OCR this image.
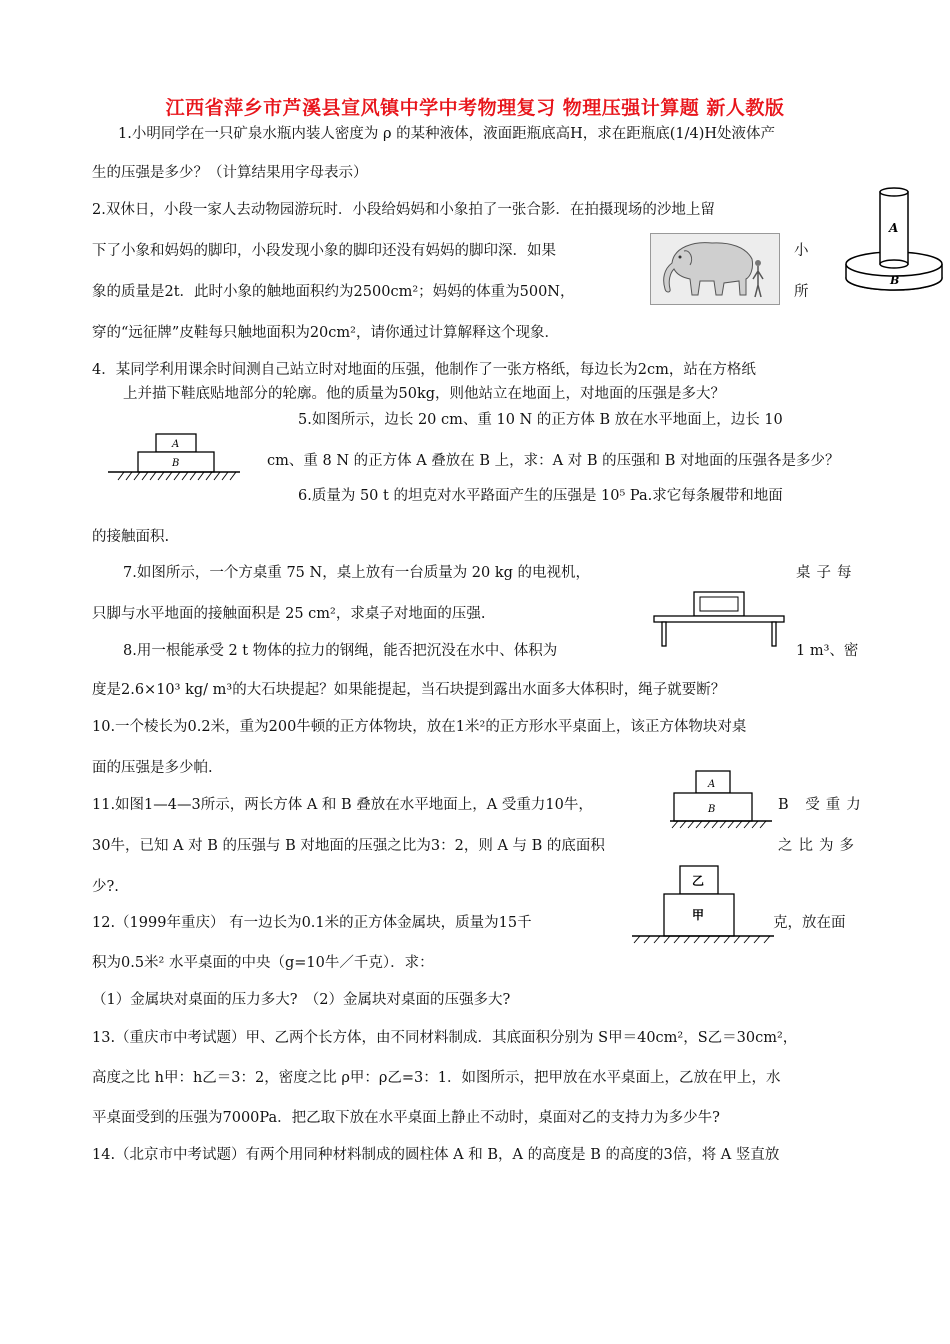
江西省萍乡市芦溪县宣风镇中学中考物理复习 物理压强计算题 新人教版
1.小明同学在一只矿泉水瓶内装人密度为 ρ 的某种液体，液面距瓶底高H，求在距瓶底(1/4)H处液体产
生的压强是多少？（计算结果用字母表示）
2.双休日，小段一家人去动物园游玩时．小段给妈妈和小象拍了一张合影．在拍摄现场的沙地上留
下了小象和妈妈的脚印，小段发现小象的脚印还没有妈妈的脚印深．如果	小
象的质量是2t．此时小象的触地面积约为2500cm²；妈妈的体重为500N，	所
穿的“远征牌”皮鞋每只触地面积为20cm²，请你通过计算解释这个现象．
4．某同学利用课余时间测自己站立时对地面的压强，他制作了一张方格纸，每边长为2cm，站在方格纸
上并描下鞋底贴地部分的轮廓。他的质量为50kg，则他站立在地面上，对地面的压强是多大？
5.如图所示，边长 20 cm、重 10 N 的正方体 B 放在水平地面上，边长 10
cm、重 8 N 的正方体 A 叠放在 B 上，求：A 对 B 的压强和 B 对地面的压强各是多少？
6.质量为 50 t 的坦克对水平路面产生的压强是 10⁵ Pa.求它每条履带和地面
的接触面积.
7.如图所示，一个方桌重 75 N，桌上放有一台质量为 20 kg 的电视机，	桌子每
只脚与水平地面的接触面积是 25 cm²，求桌子对地面的压强.
8.用一根能承受 2 t 物体的拉力的钢绳，能否把沉没在水中、体积为	1 m³、密
度是2.6×10³ kg/ m³的大石块提起？如果能提起，当石块提到露出水面多大体积时，绳子就要断？
10.一个棱长为0.2米，重为200牛顿的正方体物块，放在1米²的正方形水平桌面上，该正方体物块对桌
面的压强是多少帕.
11.如图1—4—3所示，两长方体 A 和 B 叠放在水平地面上，A 受重力10牛，	B 受重力
30牛，已知 A 对 B 的压强与 B 对地面的压强之比为3：2，则 A 与 B 的底面积	之比为多
少?.
12.（1999年重庆） 有一边长为0.1米的正方体金属块，质量为15千	克，放在面
积为0.5米² 水平桌面的中央（g=10牛／千克）．求：
（1）金属块对桌面的压力多大?　（2）金属块对桌面的压强多大?
13.（重庆市中考试题）甲、乙两个长方体，由不同材料制成．其底面积分别为 S甲＝40cm²，S乙＝30cm²，
高度之比 h甲：h乙＝3：2，密度之比 ρ甲：ρ乙=3：1．如图所示，把甲放在水平桌面上，乙放在甲上，水
平桌面受到的压强为7000Pa．把乙取下放在水平桌面上静止不动时，桌面对乙的支持力为多少牛?
14.（北京市中考试题）有两个用同种材料制成的圆柱体 A 和 B，A 的高度是 B 的高度的3倍，将 A 竖直放
A
B
A
B
A
B
乙
甲
